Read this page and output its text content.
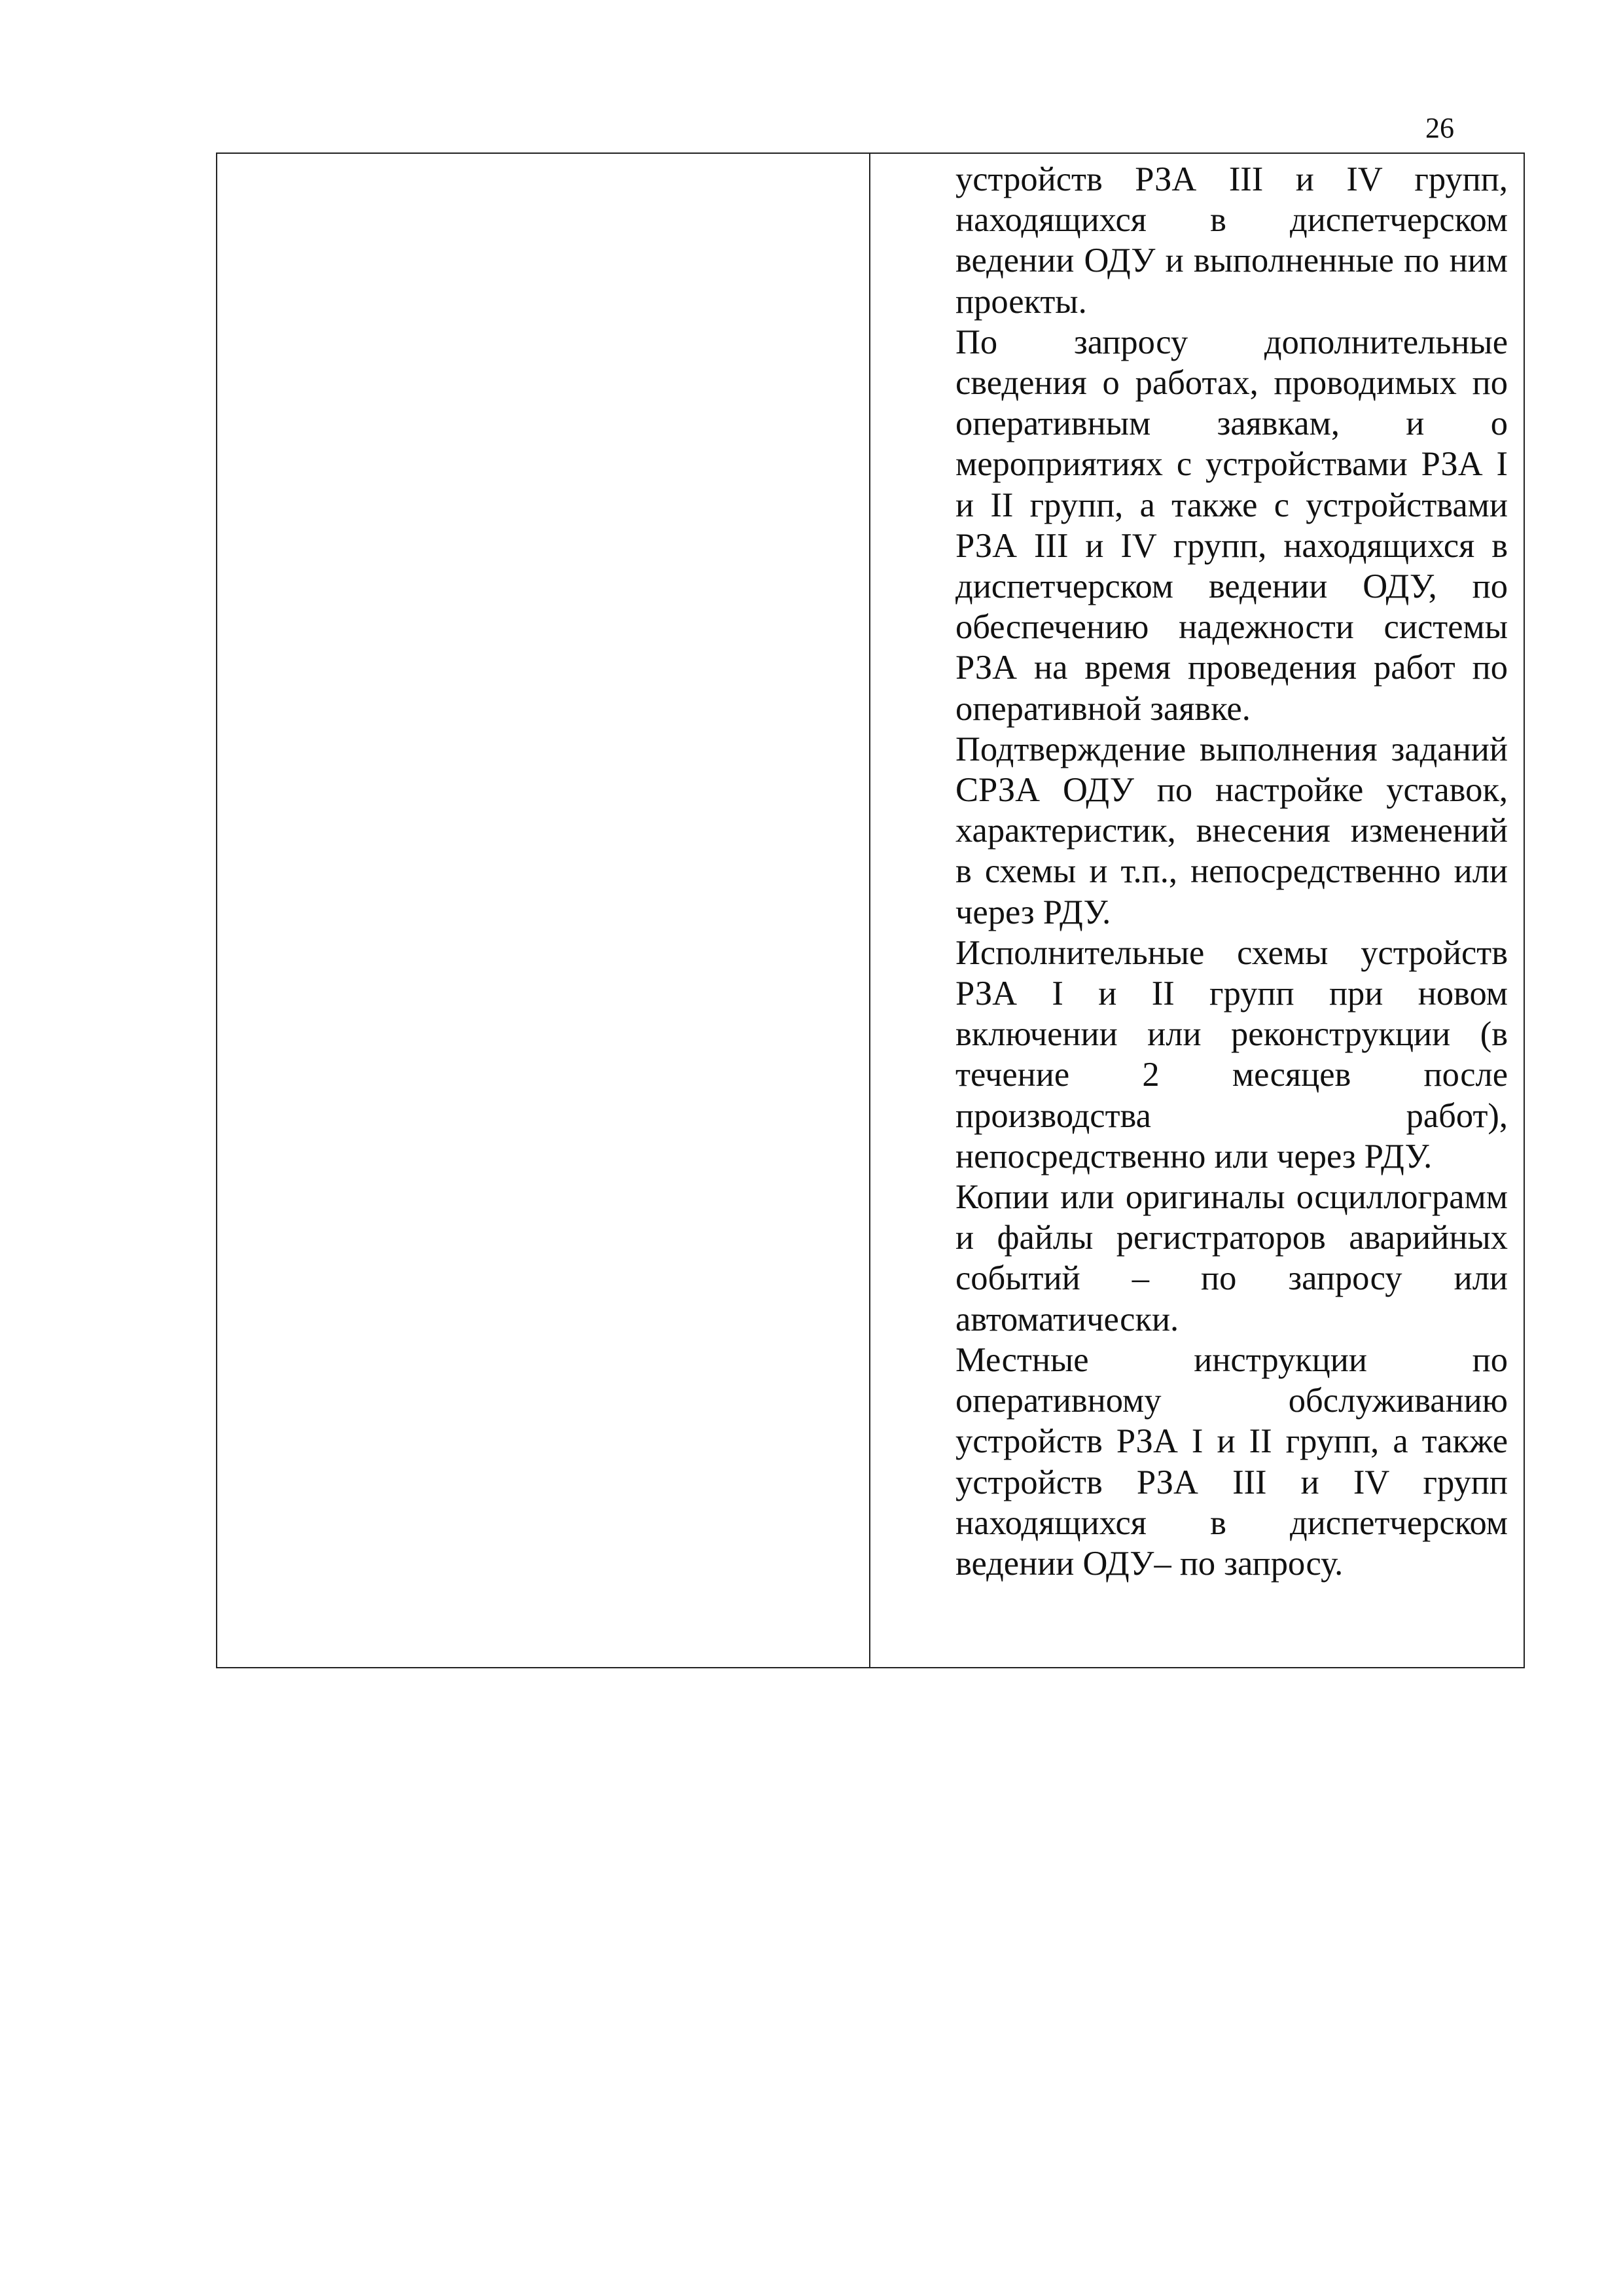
26

устройств РЗА III и IV групп, находящихся в диспетчерском ведении ОДУ и выполненные по ним проекты.

По запросу дополнительные сведения о работах, проводимых по оперативным заявкам, и о мероприятиях с устройствами РЗА I и II групп, а также с устройствами РЗА III и IV групп, находящихся в диспетчерском ведении ОДУ, по обеспечению надежности системы РЗА на время проведения работ по оперативной заявке.

Подтверждение выполнения заданий СРЗА ОДУ по настройке уставок, характеристик, внесения изменений в схемы и т.п., непосредственно или через РДУ.

Исполнительные схемы устройств РЗА I и II групп при новом включении или реконструкции (в течение 2 месяцев после производства работ), непосредственно или через РДУ.

Копии или оригиналы осциллограмм и файлы регистраторов аварийных событий – по запросу или автоматически.

Местные инструкции по оперативному обслуживанию устройств РЗА I и II групп, а также устройств РЗА III и IV групп находящихся в диспетчерском ведении ОДУ– по запросу.
